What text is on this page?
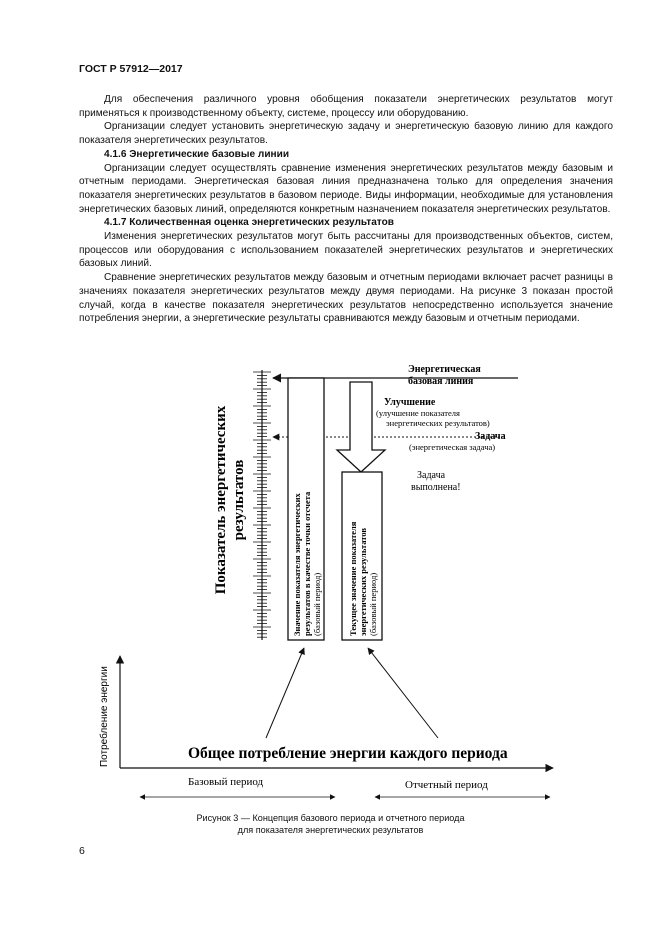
ГОСТ Р 57912—2017

Для обеспечения различного уровня обобщения показатели энергетических результатов могут применяться к производственному объекту, системе, процессу или оборудованию.

Организации следует установить энергетическую задачу и энергетическую базовую линию для каждого показателя энергетических результатов.

4.1.6 Энергетические базовые линии

Организации следует осуществлять сравнение изменения энергетических результатов между базовым и отчетным периодами. Энергетическая базовая линия предназначена только для определения значения показателя энергетических результатов в базовом периоде. Виды информации, необходимые для установления энергетических базовых линий, определяются конкретным назначением показателя энергетических результатов.

4.1.7 Количественная оценка энергетических результатов

Изменения энергетических результатов могут быть рассчитаны для производственных объектов, систем, процессов или оборудования с использованием показателей энергетических результатов и энергетических базовых линий.

Сравнение энергетических результатов между базовым и отчетным периодами включает расчет разницы в значениях показателя энергетических результатов между двумя периодами. На рисунке 3 показан простой случай, когда в качестве показателя энергетических результатов непосредственно используется значение потребления энергии, а энергетические результаты сравниваются между базовым и отчетным периодами.

Показатель энергетических результатов
Энергетическая
базовая линия
Улучшение
(улучшение показателя
энергетических результатов)
Задача
(энергетическая задача)
Задача
выполнена!
Значение показателя энергетических результатов в качестве точки отсчета (базовый период)	Текущее значение показателя энергетических результатов (базовый период)
Потребление энергии	Общее потребление энергии каждого периода
Базовый период	Отчетный период
Рисунок 3 — Концепция базового периода и отчетного периода
для показателя энергетических результатов
6
